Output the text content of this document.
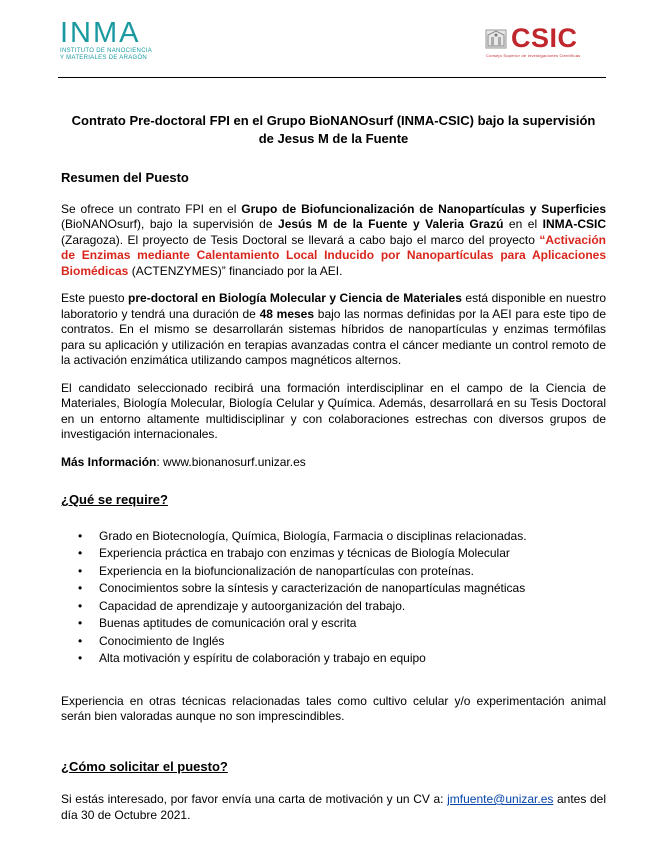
INMA
INSTITUTO DE NANOCIENCIA
Y MATERIALES DE ARAGÓN
CSIC
Consejo Superior de Investigaciones Científicas
Contrato Pre-doctoral FPI en el Grupo BioNANOsurf (INMA-CSIC) bajo la supervisión
de Jesus M de la Fuente
Resumen del Puesto

Se ofrece un contrato FPI en el Grupo de Biofuncionalización de Nanopartículas y Superficies (BioNANOsurf), bajo la supervisión de Jesús M de la Fuente y Valeria Grazú en el INMA-CSIC (Zaragoza). El proyecto de Tesis Doctoral se llevará a cabo bajo el marco del proyecto “Activación de Enzimas mediante Calentamiento Local Inducido por Nanopartículas para Aplicaciones Biomédicas (ACTENZYMES)” financiado por la AEI.

Este puesto pre-doctoral en Biología Molecular y Ciencia de Materiales está disponible en nuestro laboratorio y tendrá una duración de 48 meses bajo las normas definidas por la AEI para este tipo de contratos. En el mismo se desarrollarán sistemas híbridos de nanopartículas y enzimas termófilas para su aplicación y utilización en terapias avanzadas contra el cáncer mediante un control remoto de la activación enzimática utilizando campos magnéticos alternos.

El candidato seleccionado recibirá una formación interdisciplinar en el campo de la Ciencia de Materiales, Biología Molecular, Biología Celular y Química. Además, desarrollará en su Tesis Doctoral en un entorno altamente multidisciplinar y con colaboraciones estrechas con diversos grupos de investigación internacionales.

Más Información: www.bionanosurf.unizar.es

¿Qué se require?
• Grado en Biotecnología, Química, Biología, Farmacia o disciplinas relacionadas.
• Experiencia práctica en trabajo con enzimas y técnicas de Biología Molecular
• Experiencia en la biofuncionalización de nanopartículas con proteínas.
• Conocimientos sobre la síntesis y caracterización de nanopartículas magnéticas
• Capacidad de aprendizaje y autoorganización del trabajo.
• Buenas aptitudes de comunicación oral y escrita
• Conocimiento de Inglés
• Alta motivación y espíritu de colaboración y trabajo en equipo

Experiencia en otras técnicas relacionadas tales como cultivo celular y/o experimentación animal serán bien valoradas aunque no son imprescindibles.

¿Cómo solicitar el puesto?

Si estás interesado, por favor envía una carta de motivación y un CV a: jmfuente@unizar.es antes del día 30 de Octubre 2021.
